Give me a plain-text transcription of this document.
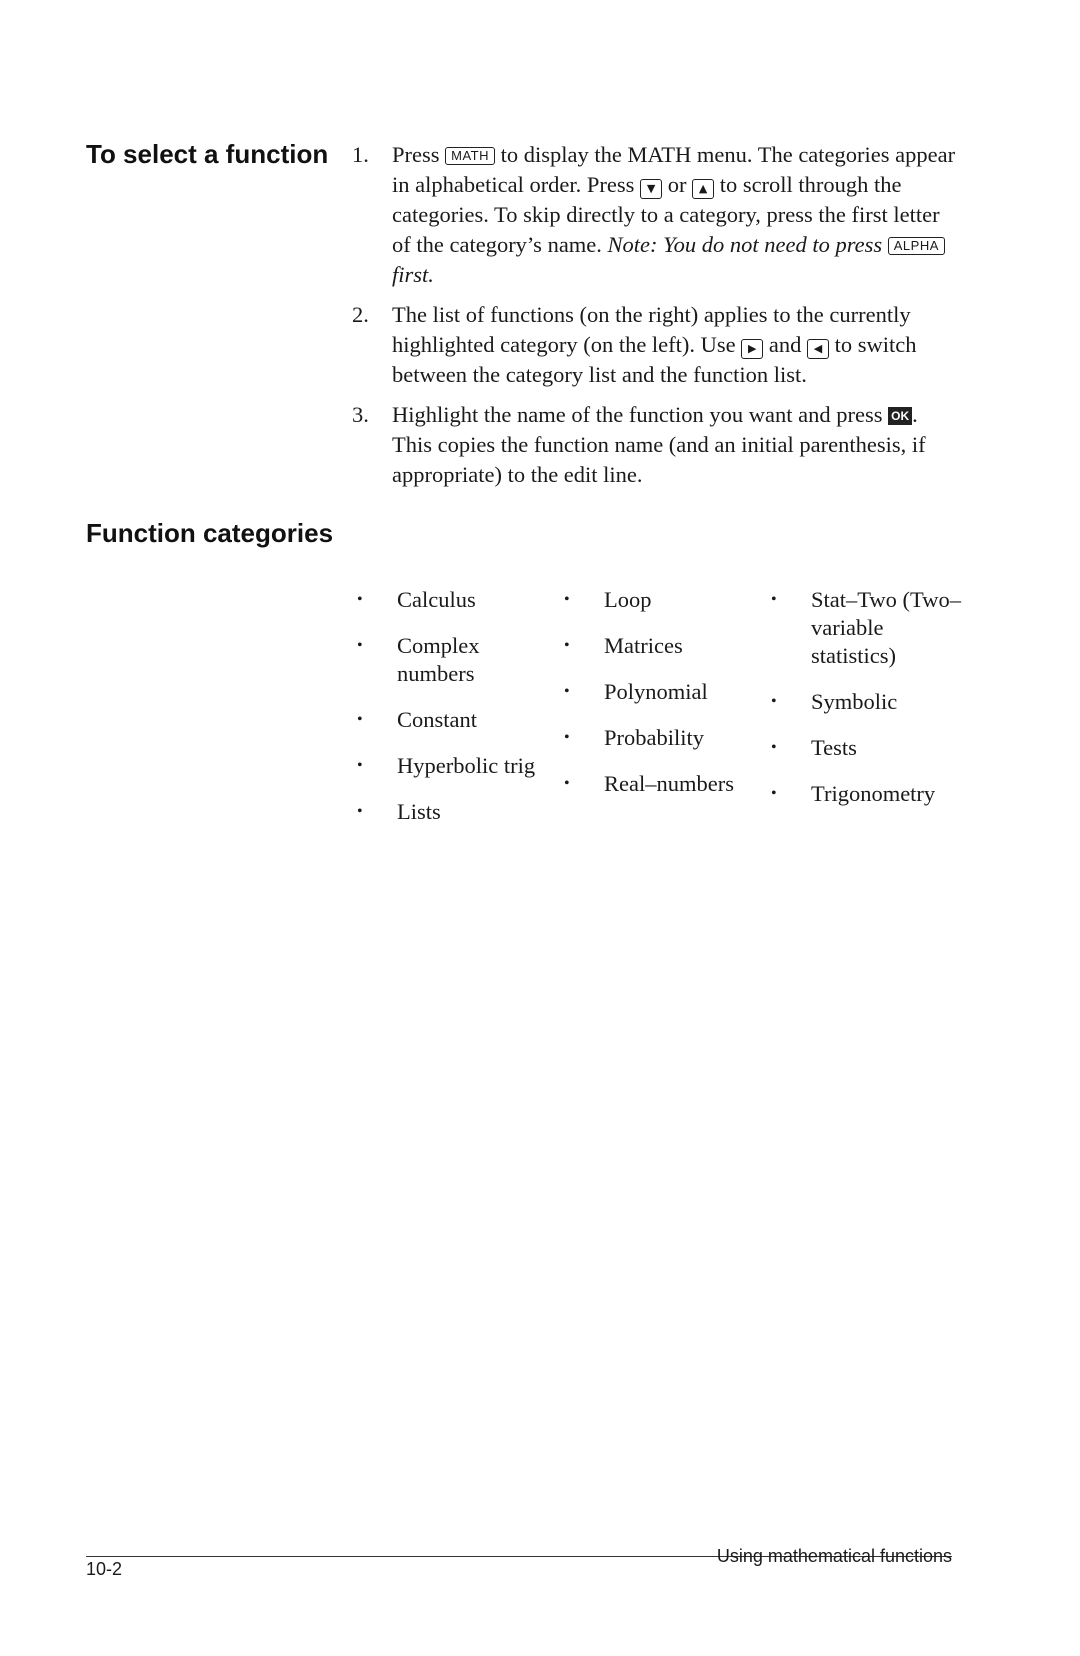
To select a function	1. Press MATH to display the MATH menu. The categories appear in alphabetical order. Press ▼ or ▲ to scroll through the categories. To skip directly to a category, press the first letter of the category’s name. Note: You do not need to press ALPHA first.
2. The list of functions (on the right) applies to the currently highlighted category (on the left). Use ▶ and ◀ to switch between the category list and the function list.
3. Highlight the name of the function you want and press OK . This copies the function name (and an initial parenthesis, if appropriate) to the edit line.
Function categories
• Calculus
• Complex numbers
• Constant
• Hyperbolic trig
• Lists
• Loop
• Matrices
• Polynomial
• Probability
• Real–numbers
• Stat–Two (Two–variable statistics)
• Symbolic
• Tests
• Trigonometry
10-2
Using mathematical functions
